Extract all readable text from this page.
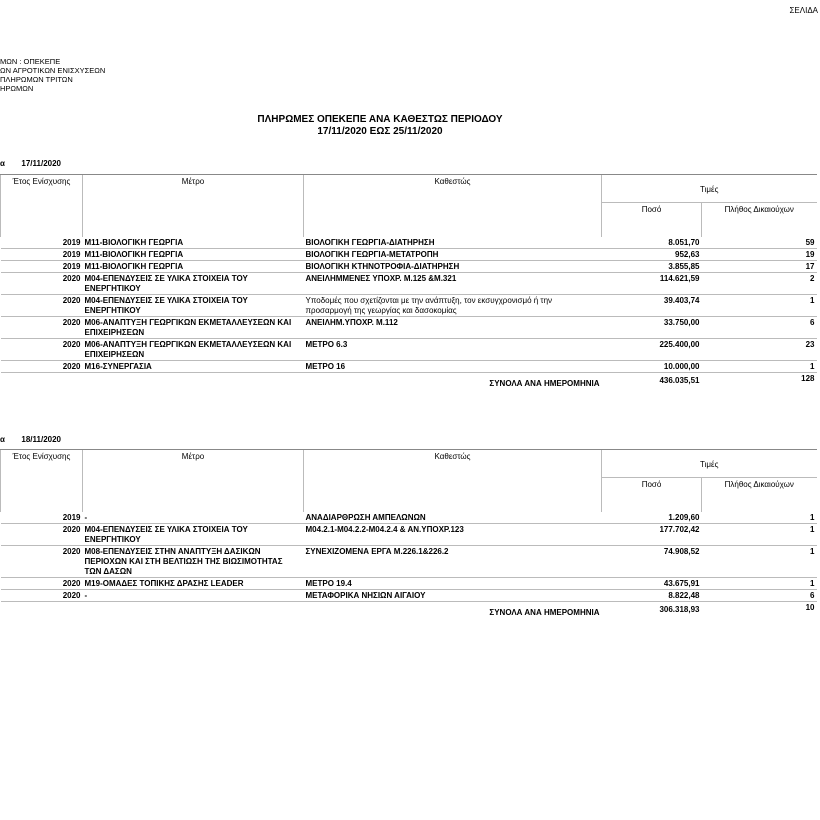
ΣΕΛΙΔΑ
ΜΩΝ : ΟΠΕΚΕΠΕ
ΩΝ ΑΓΡΟΤΙΚΩΝ ΕΝΙΣΧΥΣΕΩΝ
ΠΛΗΡΩΜΩΝ ΤΡΙΤΩΝ
ΗΡΩΜΩΝ
ΠΛΗΡΩΜΕΣ ΟΠΕΚΕΠΕ ΑΝΑ ΚΑΘΕΣΤΩΣ ΠΕΡΙΟΔΟΥ
17/11/2020 ΕΩΣ 25/11/2020
α 17/11/2020
Έτος Ενίσχυσης	Μέτρο	Καθεστώς	Τιμές	
			Ποσό	Πλήθος Δικαιούχων
2019	Μ11-ΒΙΟΛΟΓΙΚΗ ΓΕΩΡΓΙΑ	ΒΙΟΛΟΓΙΚΗ ΓΕΩΡΓΙΑ-ΔΙΑΤΗΡΗΣΗ	8.051,70	59
2019	Μ11-ΒΙΟΛΟΓΙΚΗ ΓΕΩΡΓΙΑ	ΒΙΟΛΟΓΙΚΗ ΓΕΩΡΓΙΑ-ΜΕΤΑΤΡΟΠΗ	952,63	19
2019	Μ11-ΒΙΟΛΟΓΙΚΗ ΓΕΩΡΓΙΑ	ΒΙΟΛΟΓΙΚΗ ΚΤΗΝΟΤΡΟΦΙΑ-ΔΙΑΤΗΡΗΣΗ	3.855,85	17
2020	Μ04-ΕΠΕΝΔΥΣΕΙΣ ΣΕ ΥΛΙΚΑ ΣΤΟΙΧΕΙΑ ΤΟΥ ΕΝΕΡΓΗΤΙΚΟΥ	ΑΝΕΙΛΗΜΜΕΝΕΣ ΥΠΟΧΡ. Μ.125 &Μ.321	114.621,59	2
2020	Μ04-ΕΠΕΝΔΥΣΕΙΣ ΣΕ ΥΛΙΚΑ ΣΤΟΙΧΕΙΑ ΤΟΥ ΕΝΕΡΓΗΤΙΚΟΥ	Υποδομές που σχετίζονται με την ανάπτυξη, τον εκσυγχρονισμό ή την προσαρμογή της γεωργίας και δασοκομίας	39.403,74	1
2020	Μ06-ΑΝΑΠΤΥΞΗ ΓΕΩΡΓΙΚΩΝ ΕΚΜΕΤΑΛΛΕΥΣΕΩΝ ΚΑΙ ΕΠΙΧΕΙΡΗΣΕΩΝ	ΑΝΕΙΛΗΜ.ΥΠΟΧΡ. Μ.112	33.750,00	6
2020	Μ06-ΑΝΑΠΤΥΞΗ ΓΕΩΡΓΙΚΩΝ ΕΚΜΕΤΑΛΛΕΥΣΕΩΝ ΚΑΙ ΕΠΙΧΕΙΡΗΣΕΩΝ	ΜΕΤΡΟ 6.3	225.400,00	23
2020	Μ16-ΣΥΝΕΡΓΑΣΙΑ	ΜΕΤΡΟ 16	10.000,00	1
		ΣΥΝΟΛΑ ΑΝΑ ΗΜΕΡΟΜΗΝΙΑ	436.035,51	128
α 18/11/2020
Έτος Ενίσχυσης	Μέτρο	Καθεστώς	Τιμές	
			Ποσό	Πλήθος Δικαιούχων
2019	-	ΑΝΑΔΙΑΡΘΡΩΣΗ ΑΜΠΕΛΩΝΩΝ	1.209,60	1
2020	Μ04-ΕΠΕΝΔΥΣΕΙΣ ΣΕ ΥΛΙΚΑ ΣΤΟΙΧΕΙΑ ΤΟΥ ΕΝΕΡΓΗΤΙΚΟΥ	Μ04.2.1-Μ04.2.2-Μ04.2.4 & ΑΝ.ΥΠΟΧΡ.123	177.702,42	1
2020	Μ08-ΕΠΕΝΔΥΣΕΙΣ ΣΤΗΝ ΑΝΑΠΤΥΞΗ ΔΑΣΙΚΩΝ ΠΕΡΙΟΧΩΝ ΚΑΙ ΣΤΗ ΒΕΛΤΙΩΣΗ ΤΗΣ ΒΙΩΣΙΜΟΤΗΤΑΣ ΤΩΝ ΔΑΣΩΝ	ΣΥΝΕΧΙΖΟΜΕΝΑ ΕΡΓΑ Μ.226.1&226.2	74.908,52	1
2020	Μ19-ΟΜΑΔΕΣ ΤΟΠΙΚΗΣ ΔΡΑΣΗΣ LEADER	ΜΕΤΡΟ 19.4	43.675,91	1
2020	-	ΜΕΤΑΦΟΡΙΚΑ ΝΗΣΙΩΝ ΑΙΓΑΙΟΥ	8.822,48	6
		ΣΥΝΟΛΑ ΑΝΑ ΗΜΕΡΟΜΗΝΙΑ	306.318,93	10
